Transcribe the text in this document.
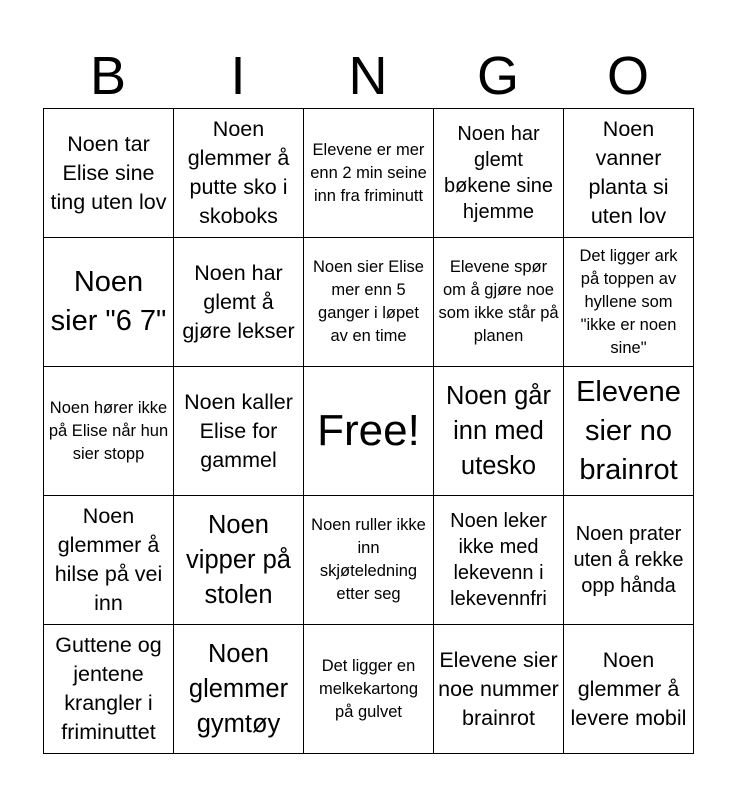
B	I	N	G	O
Noen tar Elise sine ting uten lov	Noen glemmer å putte sko i skoboks	Elevene er mer enn 2 min seine inn fra friminutt	Noen har glemt bøkene sine hjemme	Noen vanner planta si uten lov
Noen sier "6 7"	Noen har glemt å gjøre lekser	Noen sier Elise mer enn 5 ganger i løpet av en time	Elevene spør om å gjøre noe som ikke står på planen	Det ligger ark på toppen av hyllene som "ikke er noen sine"
Noen hører ikke på Elise når hun sier stopp	Noen kaller Elise for gammel	Free!	Noen går inn med utesko	Elevene sier no brainrot
Noen glemmer å hilse på vei inn	Noen vipper på stolen	Noen ruller ikke inn skjøteledning etter seg	Noen leker ikke med lekevenn i lekevennfri	Noen prater uten å rekke opp hånda
Guttene og jentene krangler i friminuttet	Noen glemmer gymtøy	Det ligger en melkekartong på gulvet	Elevene sier noe nummer brainrot	Noen glemmer å levere mobil
